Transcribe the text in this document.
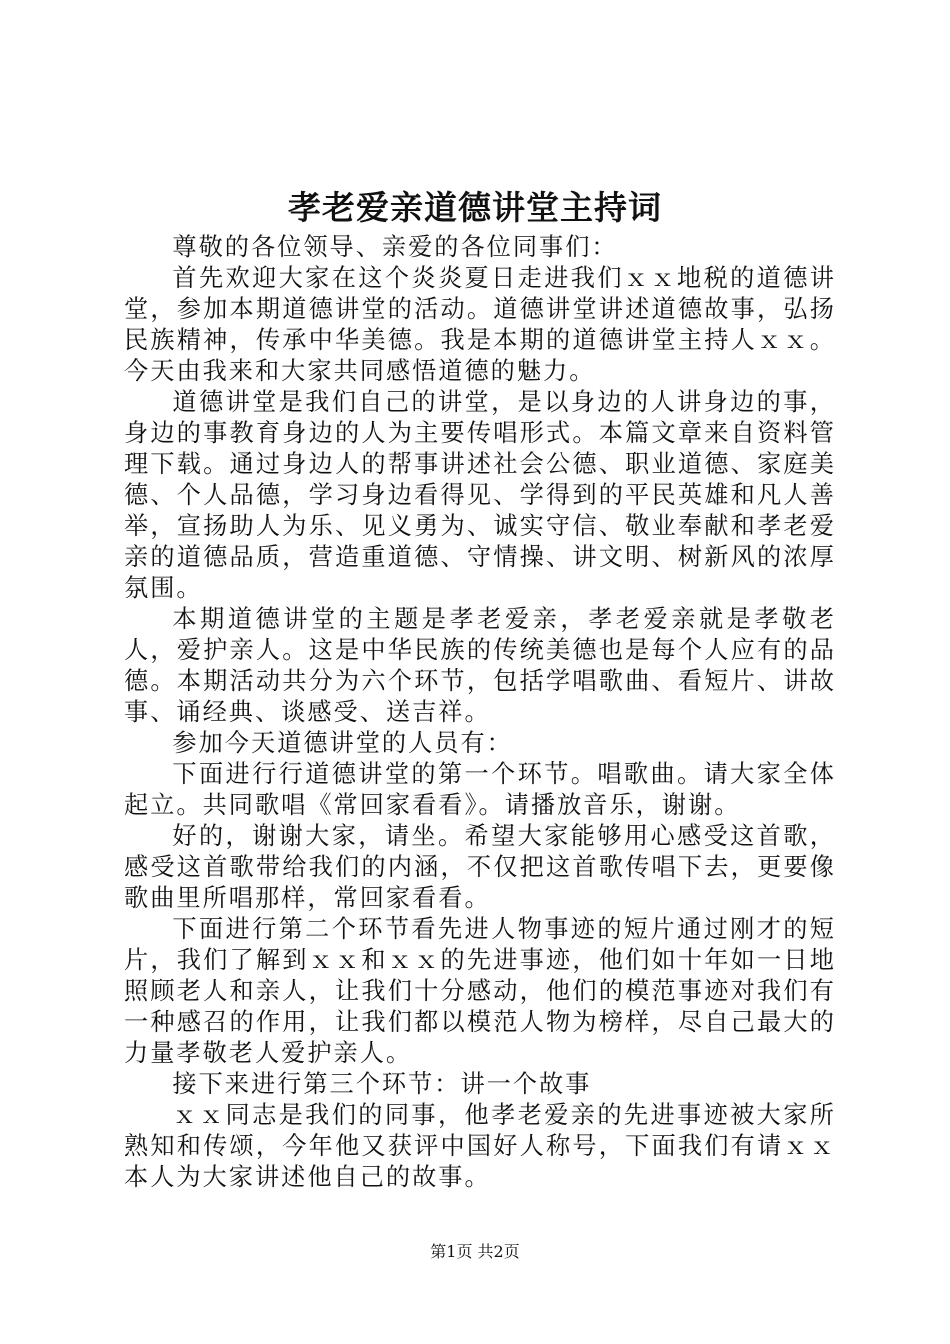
孝老爱亲道德讲堂主持词

尊敬的各位领导、亲爱的各位同事们：

首先欢迎大家在这个炎炎夏日走进我们ｘｘ地税的道德讲堂，参加本期道德讲堂的活动。道德讲堂讲述道德故事，弘扬民族精神，传承中华美德。我是本期的道德讲堂主持人ｘｘ。今天由我来和大家共同感悟道德的魅力。

道德讲堂是我们自己的讲堂，是以身边的人讲身边的事，身边的事教育身边的人为主要传唱形式。本篇文章来自资料管理下载。通过身边人的帮事讲述社会公德、职业道德、家庭美德、个人品德，学习身边看得见、学得到的平民英雄和凡人善举，宣扬助人为乐、见义勇为、诚实守信、敬业奉献和孝老爱亲的道德品质，营造重道德、守情操、讲文明、树新风的浓厚氛围。

本期道德讲堂的主题是孝老爱亲，孝老爱亲就是孝敬老人，爱护亲人。这是中华民族的传统美德也是每个人应有的品德。本期活动共分为六个环节，包括学唱歌曲、看短片、讲故事、诵经典、谈感受、送吉祥。

参加今天道德讲堂的人员有：

下面进行行道德讲堂的第一个环节。唱歌曲。请大家全体起立。共同歌唱《常回家看看》。请播放音乐，谢谢。

好的，谢谢大家，请坐。希望大家能够用心感受这首歌，感受这首歌带给我们的内涵，不仅把这首歌传唱下去，更要像歌曲里所唱那样，常回家看看。

下面进行第二个环节看先进人物事迹的短片通过刚才的短片，我们了解到ｘｘ和ｘｘ的先进事迹，他们如十年如一日地照顾老人和亲人，让我们十分感动，他们的模范事迹对我们有一种感召的作用，让我们都以模范人物为榜样，尽自己最大的力量孝敬老人爱护亲人。

接下来进行第三个环节：讲一个故事

ｘｘ同志是我们的同事，他孝老爱亲的先进事迹被大家所熟知和传颂，今年他又获评中国好人称号，下面我们有请ｘｘ本人为大家讲述他自己的故事。

第1页 共2页
